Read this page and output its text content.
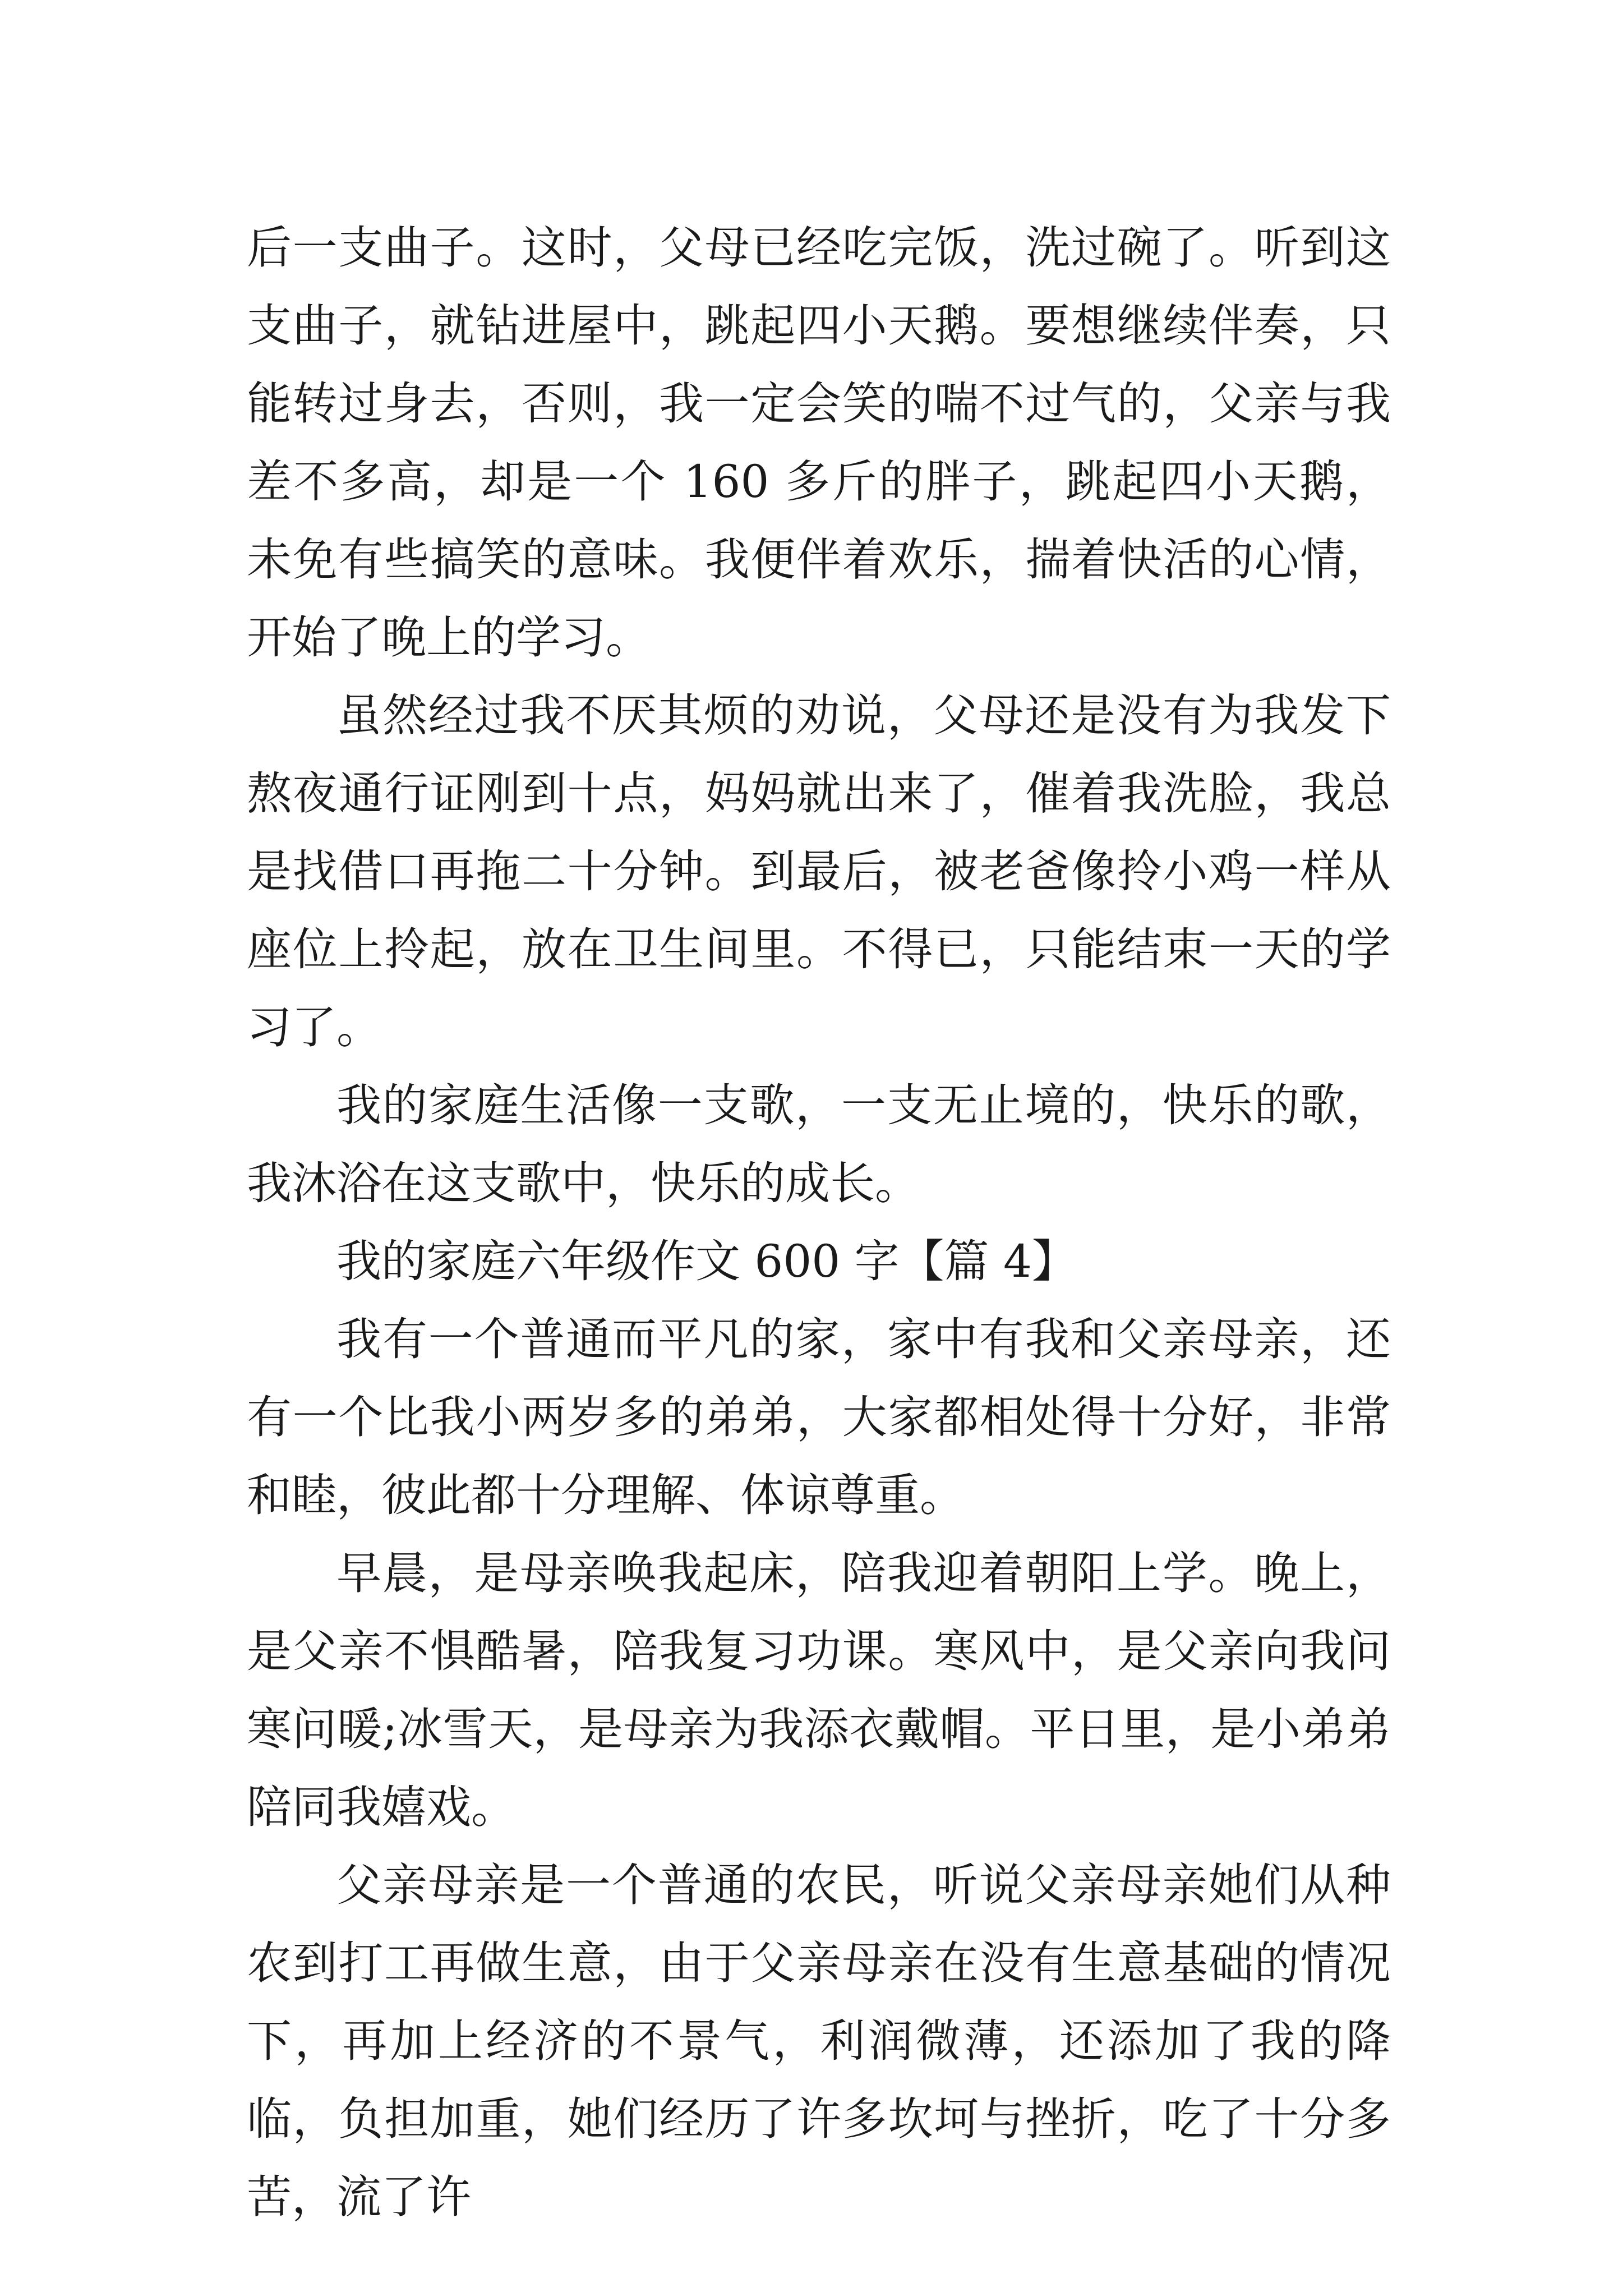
后一支曲子。这时，父母已经吃完饭，洗过碗了。听到这支曲子，就钻进屋中，跳起四小天鹅。要想继续伴奏，只能转过身去，否则，我一定会笑的喘不过气的，父亲与我差不多高，却是一个 160 多斤的胖子，跳起四小天鹅，未免有些搞笑的意味。我便伴着欢乐，揣着快活的心情，开始了晚上的学习。

虽然经过我不厌其烦的劝说，父母还是没有为我发下熬夜通行证刚到十点，妈妈就出来了，催着我洗脸，我总是找借口再拖二十分钟。到最后，被老爸像拎小鸡一样从座位上拎起，放在卫生间里。不得已，只能结束一天的学习了。

我的家庭生活像一支歌，一支无止境的，快乐的歌，我沐浴在这支歌中，快乐的成长。

我的家庭六年级作文 600 字【篇 4】

我有一个普通而平凡的家，家中有我和父亲母亲，还有一个比我小两岁多的弟弟，大家都相处得十分好，非常和睦，彼此都十分理解、体谅尊重。

早晨，是母亲唤我起床，陪我迎着朝阳上学。晚上，是父亲不惧酷暑，陪我复习功课。寒风中，是父亲向我问寒问暖;冰雪天，是母亲为我添衣戴帽。平日里，是小弟弟陪同我嬉戏。

父亲母亲是一个普通的农民，听说父亲母亲她们从种农到打工再做生意，由于父亲母亲在没有生意基础的情况下，再加上经济的不景气，利润微薄，还添加了我的降临，负担加重，她们经历了许多坎坷与挫折，吃了十分多苦，流了许
